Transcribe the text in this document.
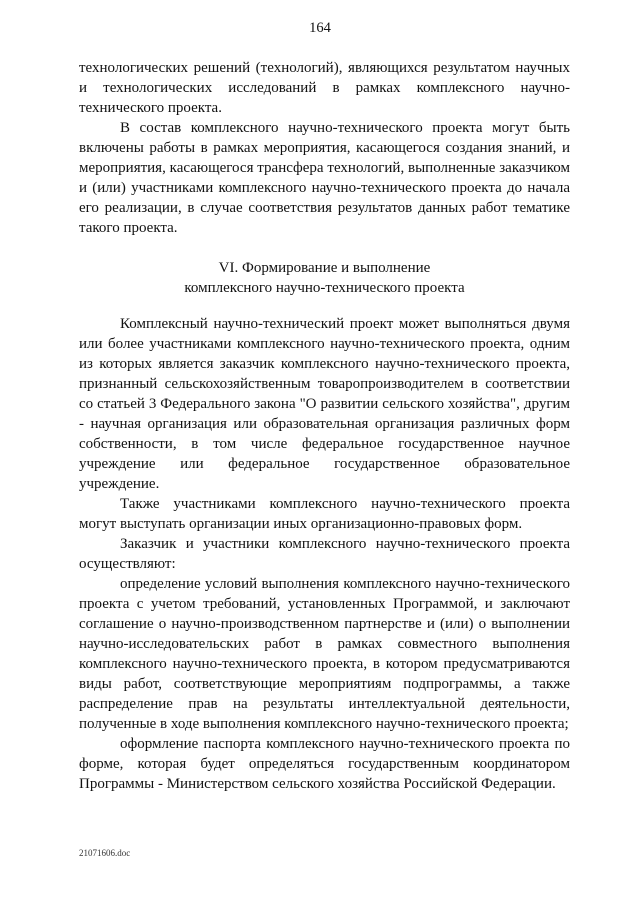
164

технологических решений (технологий), являющихся результатом научных и технологических исследований в рамках комплексного научно-технического проекта.

В состав комплексного научно-технического проекта могут быть включены работы в рамках мероприятия, касающегося создания знаний, и мероприятия, касающегося трансфера технологий, выполненные заказчиком и (или) участниками комплексного научно-технического проекта до начала его реализации, в случае соответствия результатов данных работ тематике такого проекта.

VI. Формирование и выполнение
комплексного научно-технического проекта

Комплексный научно-технический проект может выполняться двумя или более участниками комплексного научно-технического проекта, одним из которых является заказчик комплексного научно-технического проекта, признанный сельскохозяйственным товаропроизводителем в соответствии со статьей 3 Федерального закона "О развитии сельского хозяйства", другим - научная организация или образовательная организация различных форм собственности, в том числе федеральное государственное научное учреждение или федеральное государственное образовательное учреждение.

Также участниками комплексного научно-технического проекта могут выступать организации иных организационно-правовых форм.

Заказчик и участники комплексного научно-технического проекта осуществляют:

определение условий выполнения комплексного научно-технического проекта с учетом требований, установленных Программой, и заключают соглашение о научно-производственном партнерстве и (или) о выполнении научно-исследовательских работ в рамках совместного выполнения комплексного научно-технического проекта, в котором предусматриваются виды работ, соответствующие мероприятиям подпрограммы, а также распределение прав на результаты интеллектуальной деятельности, полученные в ходе выполнения комплексного научно-технического проекта;

оформление паспорта комплексного научно-технического проекта по форме, которая будет определяться государственным координатором Программы - Министерством сельского хозяйства Российской Федерации.

21071606.doc
